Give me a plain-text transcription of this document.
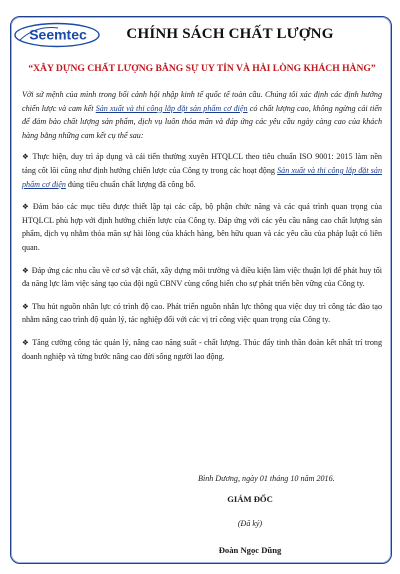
Seemtec	CHÍNH SÁCH CHẤT LƯỢNG
“XÂY DỰNG CHẤT LƯỢNG BẰNG SỰ UY TÍN VÀ HÀI LÒNG KHÁCH HÀNG”

Với sứ mệnh của mình trong bối cảnh hội nhập kinh tế quốc tế toàn cầu. Chúng tôi xác định các định hướng chiến lược và cam kết Sản xuất và thi công lắp đặt sản phẩm cơ điện có chất lượng cao, không ngừng cải tiến để đảm bảo chất lượng sản phẩm, dịch vụ luôn thỏa mãn và đáp ứng các yêu cầu ngày càng cao của khách hàng bằng những cam kết cụ thể sau:

❖ Thực hiện, duy trì áp dụng và cải tiến thường xuyên HTQLCL theo tiêu chuẩn ISO 9001: 2015 làm nền tảng cốt lõi cũng như định hướng chiến lược của Công ty trong các hoạt động Sản xuất và thi công lắp đặt sản phẩm cơ điện đúng tiêu chuẩn chất lượng đã công bố.

❖ Đảm bảo các mục tiêu được thiết lập tại các cấp, bộ phận chức năng và các quá trình quan trọng của HTQLCL phù hợp với định hướng chiến lược của Công ty. Đáp ứng với các yêu cầu nâng cao chất lượng sản phẩm, dịch vụ nhằm thỏa mãn sự hài lòng của khách hàng, bên hữu quan và các yêu cầu của pháp luật có liên quan.

❖ Đáp ứng các nhu cầu về cơ sở vật chất, xây dựng môi trường và điều kiện làm việc thuận lợi để phát huy tối đa năng lực làm việc sáng tạo của đội ngũ CBNV cùng cống hiến cho sự phát triển bền vững của Công ty.

❖ Thu hút nguồn nhân lực có trình độ cao. Phát triển nguồn nhân lực thông qua việc duy trì công tác đào tạo nhằm nâng cao trình độ quản lý, tác nghiệp đối với các vị trí công việc quan trọng của Công ty.

❖ Tăng cường công tác quản lý, nâng cao năng suất - chất lượng. Thúc đẩy tinh thần đoàn kết nhất trí trong doanh nghiệp và từng bước nâng cao đời sống người lao động.

Bình Dương, ngày 01 tháng 10 năm 2016.
GIÁM ĐỐC
(Đã ký)
Đoàn Ngọc Dũng
